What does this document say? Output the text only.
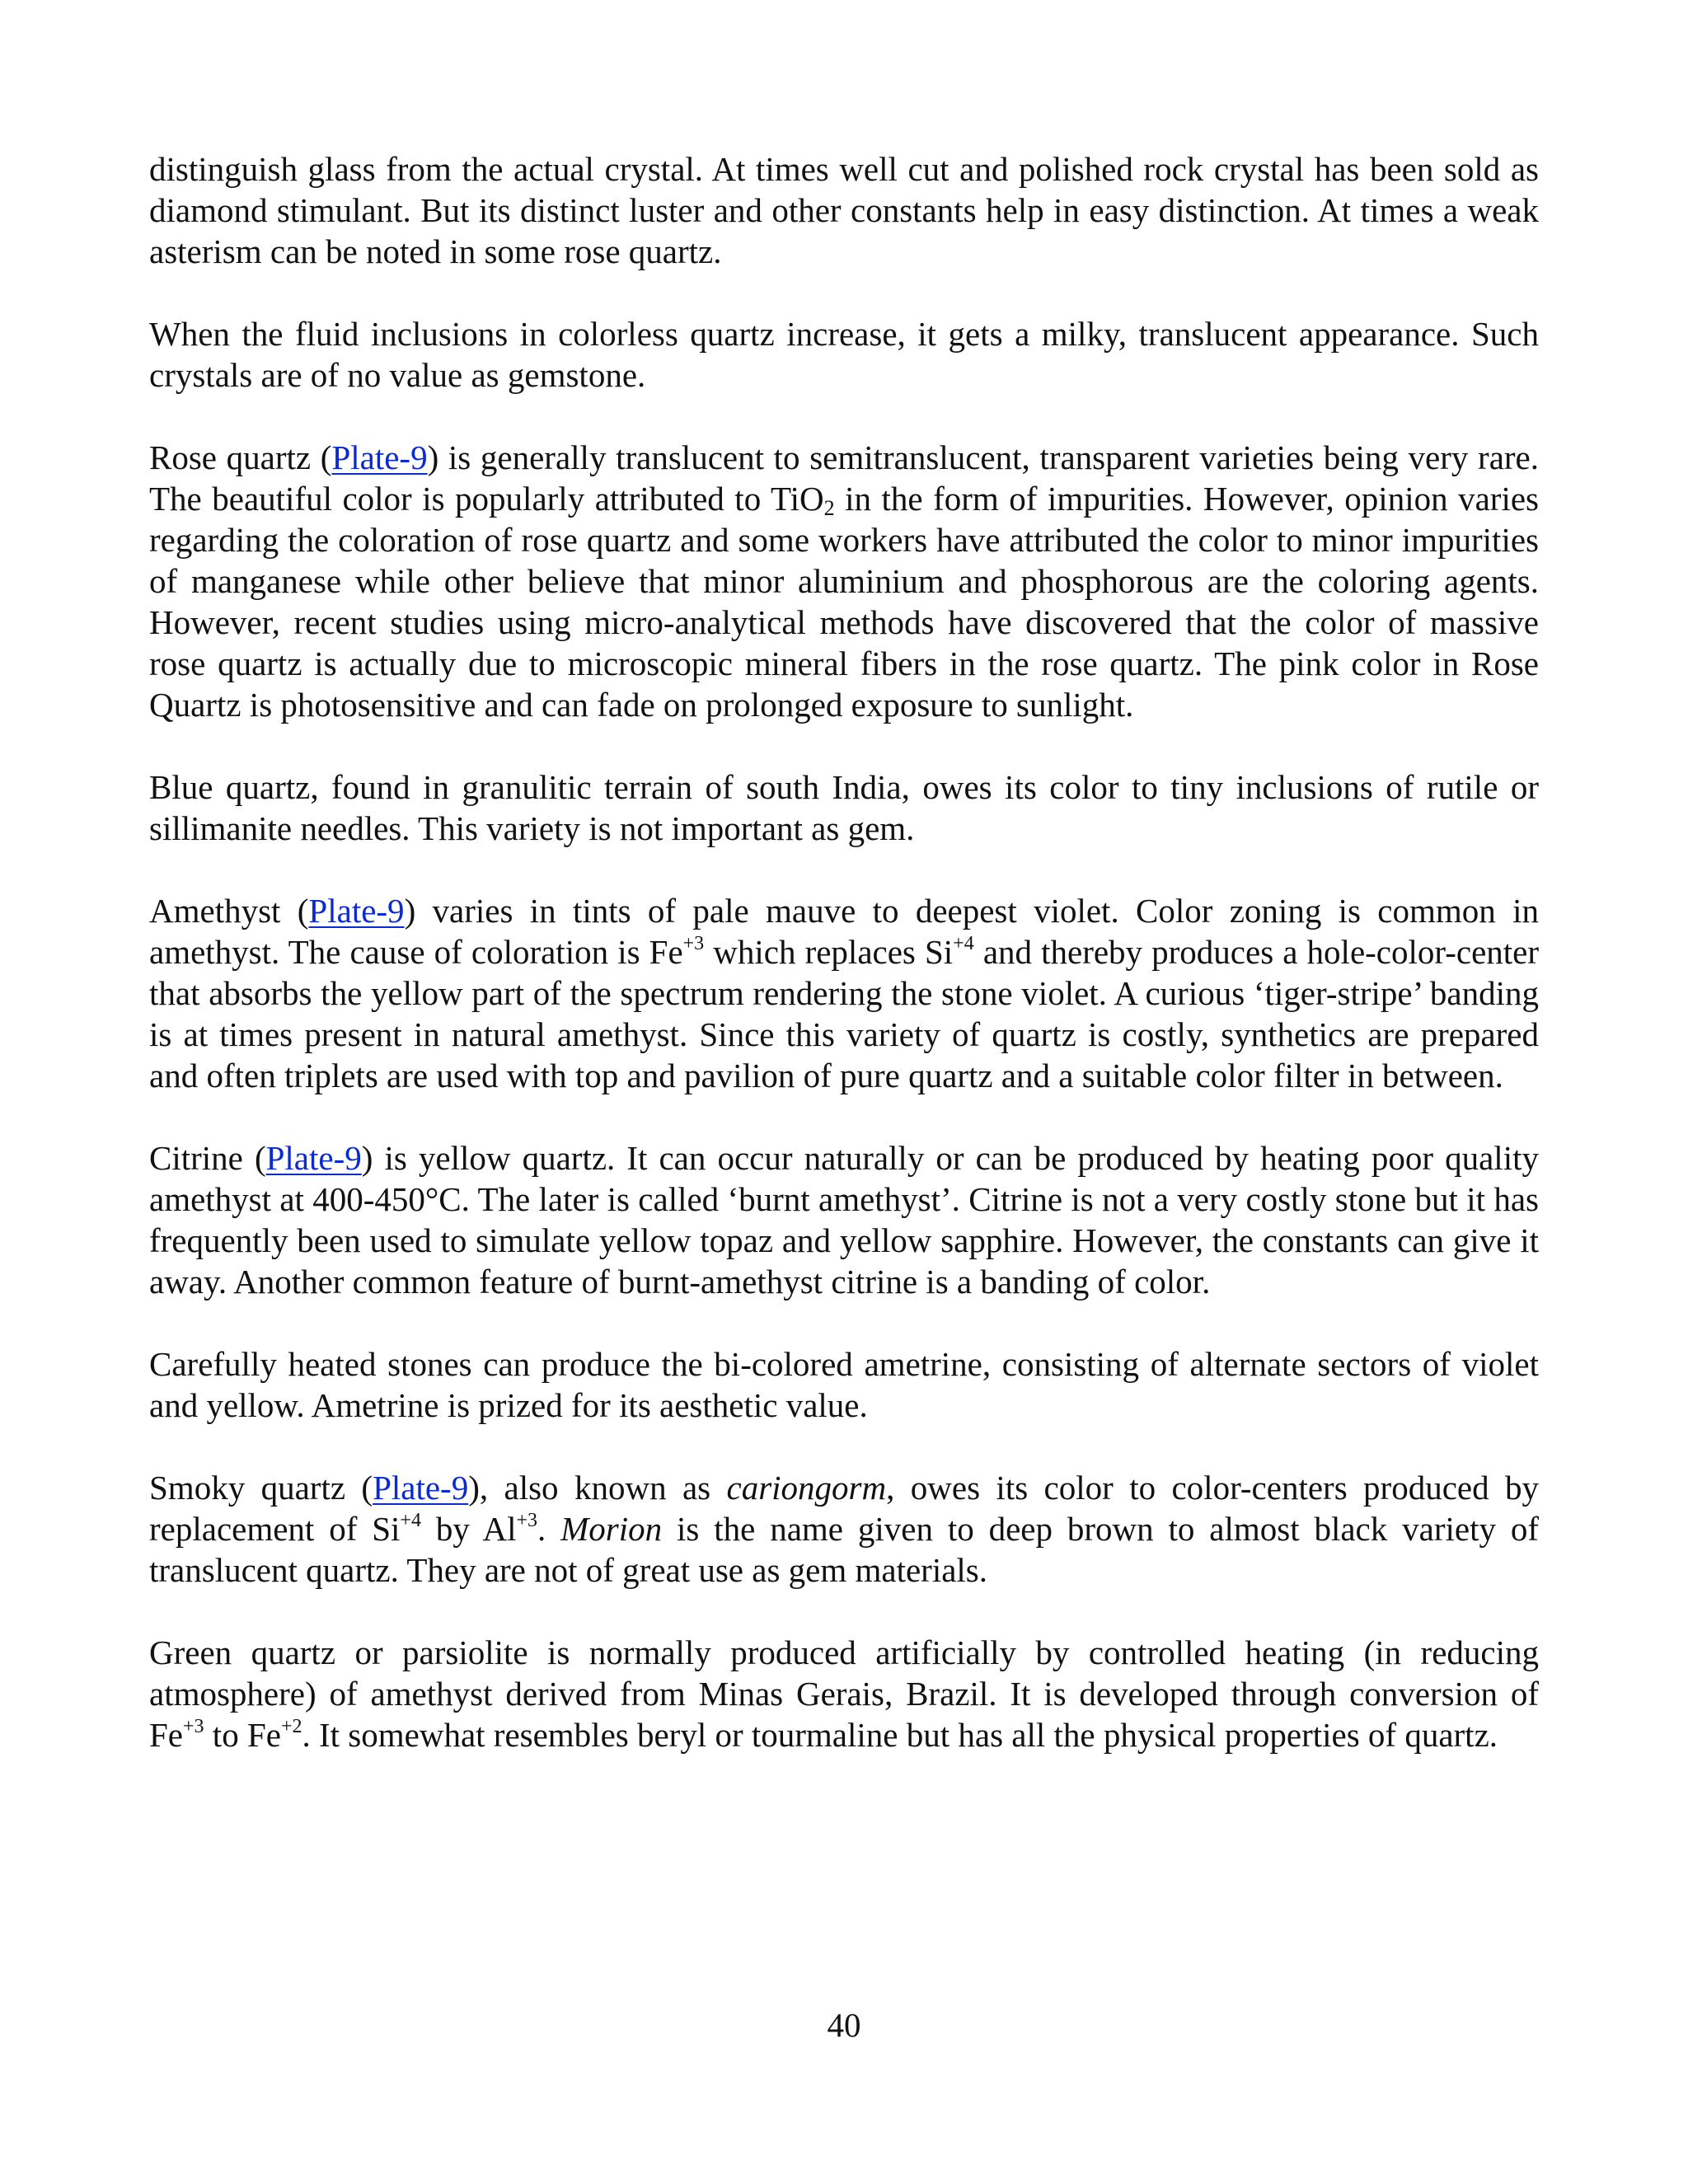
distinguish glass from the actual crystal. At times well cut and polished rock crystal has been sold as diamond stimulant. But its distinct luster and other constants help in easy distinction. At times a weak asterism can be noted in some rose quartz.

When the fluid inclusions in colorless quartz increase, it gets a milky, translucent appearance. Such crystals are of no value as gemstone.

Rose quartz (Plate-9) is generally translucent to semitranslucent, transparent varieties being very rare. The beautiful color is popularly attributed to TiO$_2$ in the form of impurities. However, opinion varies regarding the coloration of rose quartz and some workers have attributed the color to minor impurities of manganese while other believe that minor aluminium and phosphorous are the coloring agents. However, recent studies using micro-analytical methods have discovered that the color of massive rose quartz is actually due to microscopic mineral fibers in the rose quartz. The pink color in Rose Quartz is photosensitive and can fade on prolonged exposure to sunlight.

Blue quartz, found in granulitic terrain of south India, owes its color to tiny inclusions of rutile or sillimanite needles. This variety is not important as gem.

Amethyst (Plate-9) varies in tints of pale mauve to deepest violet. Color zoning is common in amethyst. The cause of coloration is $Fe^{+3}$ which replaces $Si^{+4}$ and thereby produces a hole-color-center that absorbs the yellow part of the spectrum rendering the stone violet. A curious ‘tiger-stripe’ banding is at times present in natural amethyst. Since this variety of quartz is costly, synthetics are prepared and often triplets are used with top and pavilion of pure quartz and a suitable color filter in between.

Citrine (Plate-9) is yellow quartz. It can occur naturally or can be produced by heating poor quality amethyst at 400-450°C. The later is called ‘burnt amethyst’. Citrine is not a very costly stone but it has frequently been used to simulate yellow topaz and yellow sapphire. However, the constants can give it away. Another common feature of burnt-amethyst citrine is a banding of color.

Carefully heated stones can produce the bi-colored ametrine, consisting of alternate sectors of violet and yellow. Ametrine is prized for its aesthetic value.

Smoky quartz (Plate-9), also known as cariongorm, owes its color to color-centers produced by replacement of $Si^{+4}$ by $Al^{+3}$. Morion is the name given to deep brown to almost black variety of translucent quartz. They are not of great use as gem materials.

Green quartz or parsiolite is normally produced artificially by controlled heating (in reducing atmosphere) of amethyst derived from Minas Gerais, Brazil. It is developed through conversion of $Fe^{+3}$ to $Fe^{+2}$. It somewhat resembles beryl or tourmaline but has all the physical properties of quartz.

40
